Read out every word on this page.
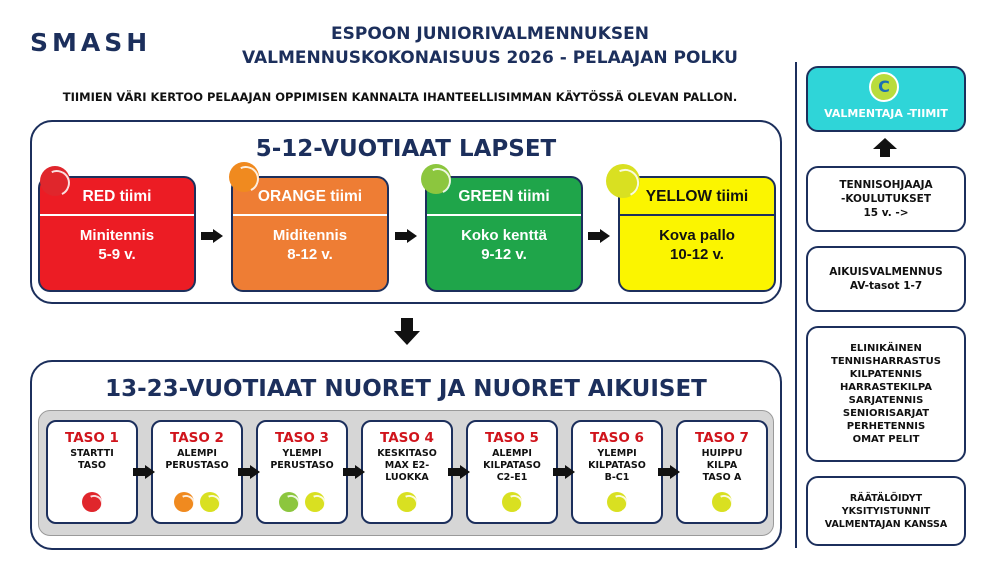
SMASH	ESPOON JUNIORIVALMENNUKSEN
VALMENNUSKOKONAISUUS 2026 - PELAAJAN POLKU
TIIMIEN VÄRI KERTOO PELAAJAN OPPIMISEN KANNALTA IHANTEELLISIMMAN KÄYTÖSSÄ OLEVAN PALLON.
5-12-VUOTIAAT LAPSET
RED tiimi
Minitennis
5-9 v.
ORANGE tiimi
Miditennis
8-12 v.
GREEN tiimi
Koko kenttä
9-12 v.
YELLOW tiimi
Kova pallo
10-12 v.
13-23-VUOTIAAT NUORET JA NUORET AIKUISET
TASO 1
STARTTI
TASO
TASO 2
ALEMPI
PERUSTASO
TASO 3
YLEMPI
PERUSTASO
TASO 4
KESKITASO
MAX E2-
LUOKKA
TASO 5
ALEMPI
KILPATASO
C2-E1
TASO 6
YLEMPI
KILPATASO
B-C1
TASO 7
HUIPPU
KILPA
TASO A
VALMENTAJA -TIIMIT
C
TENNISOHJAAJA
-KOULUTUKSET
15 v. ->
AIKUISVALMENNUS
AV-tasot 1-7
ELINIKÄINEN
TENNISHARRASTUS
KILPATENNIS
HARRASTEKILPA
SARJATENNIS
SENIORISARJAT
PERHETENNIS
OMAT PELIT
RÄÄTÄLÖIDYT
YKSITYISTUNNIT
VALMENTAJAN KANSSA
